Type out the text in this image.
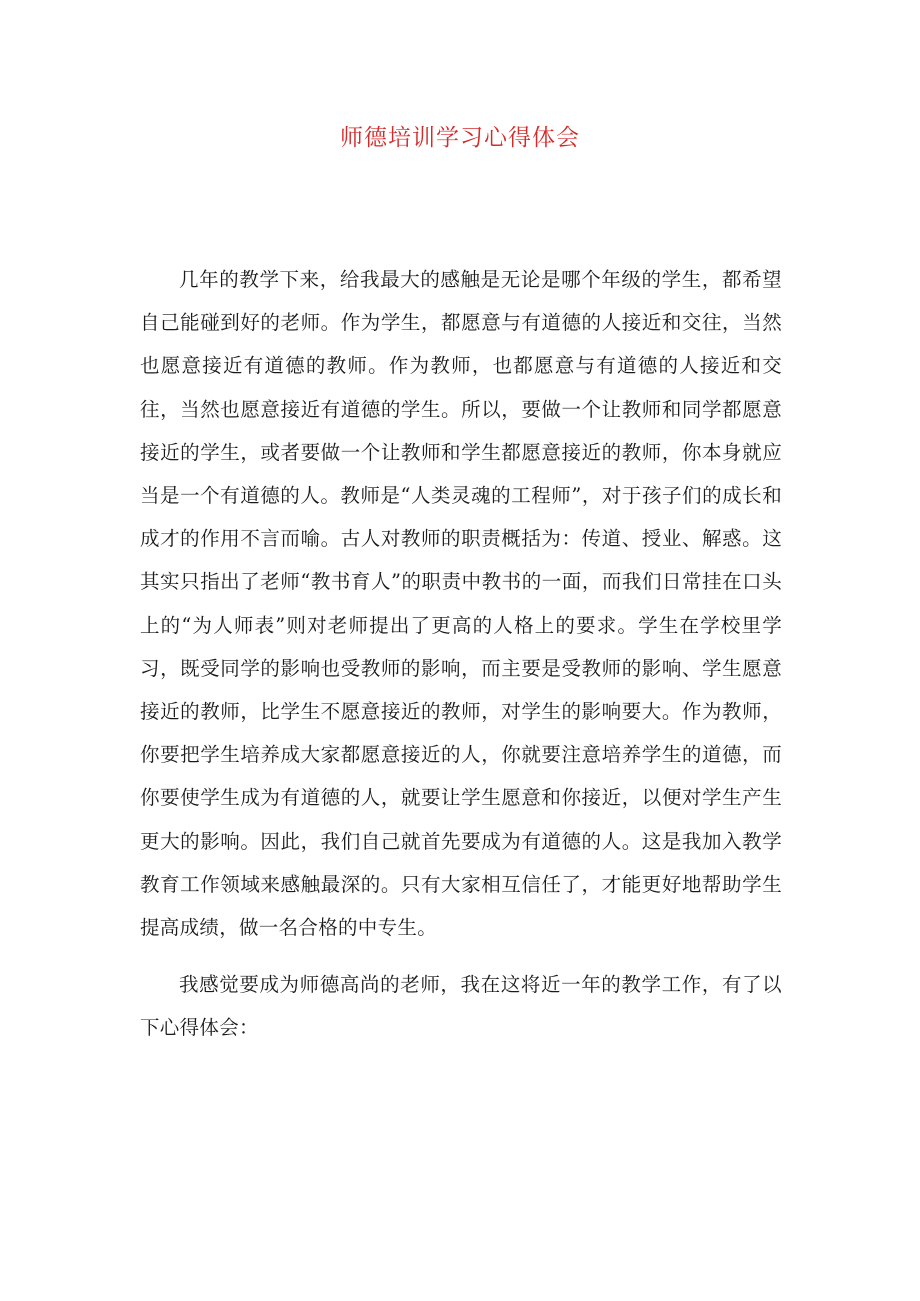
师德培训学习心得体会

几年的教学下来，给我最大的感触是无论是哪个年级的学生，都希望自己能碰到好的老师。作为学生，都愿意与有道德的人接近和交往，当然也愿意接近有道德的教师。作为教师，也都愿意与有道德的人接近和交往，当然也愿意接近有道德的学生。所以，要做一个让教师和同学都愿意接近的学生，或者要做一个让教师和学生都愿意接近的教师，你本身就应当是一个有道德的人。教师是“人类灵魂的工程师”，对于孩子们的成长和成才的作用不言而喻。古人对教师的职责概括为：传道、授业、解惑。这其实只指出了老师“教书育人”的职责中教书的一面，而我们日常挂在口头上的“为人师表”则对老师提出了更高的人格上的要求。学生在学校里学习，既受同学的影响也受教师的影响，而主要是受教师的影响、学生愿意接近的教师，比学生不愿意接近的教师，对学生的影响要大。作为教师，你要把学生培养成大家都愿意接近的人，你就要注意培养学生的道德，而你要使学生成为有道德的人，就要让学生愿意和你接近，以便对学生产生更大的影响。因此，我们自己就首先要成为有道德的人。这是我加入教学教育工作领域来感触最深的。只有大家相互信任了，才能更好地帮助学生提高成绩，做一名合格的中专生。

我感觉要成为师德高尚的老师，我在这将近一年的教学工作，有了以下心得体会：
